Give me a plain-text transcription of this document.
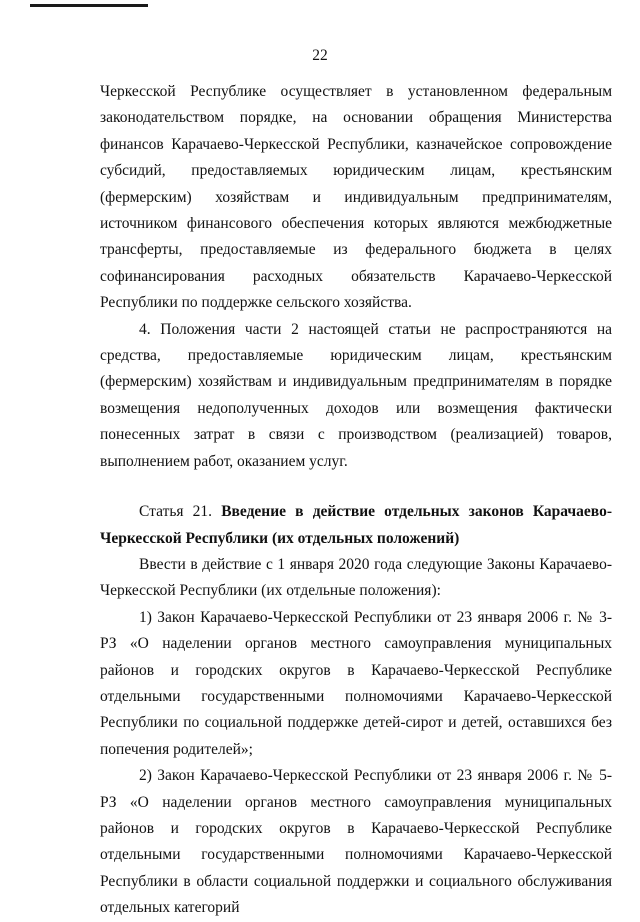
22

Черкесской Республике осуществляет в установленном федеральным законодательством порядке, на основании обращения Министерства финансов Карачаево-Черкесской Республики, казначейское сопровождение субсидий, предоставляемых юридическим лицам, крестьянским (фермерским) хозяйствам и индивидуальным предпринимателям, источником финансового обеспечения которых являются межбюджетные трансферты, предоставляемые из федерального бюджета в целях софинансирования расходных обязательств Карачаево-Черкесской Республики по поддержке сельского хозяйства.

4. Положения части 2 настоящей статьи не распространяются на средства, предоставляемые юридическим лицам, крестьянским (фермерским) хозяйствам и индивидуальным предпринимателям в порядке возмещения недополученных доходов или возмещения фактически понесенных затрат в связи с производством (реализацией) товаров, выполнением работ, оказанием услуг.

Статья 21. Введение в действие отдельных законов Карачаево-Черкесской Республики (их отдельных положений)

Ввести в действие с 1 января 2020 года следующие Законы Карачаево-Черкесской Республики (их отдельные положения):

1) Закон Карачаево-Черкесской Республики от 23 января 2006 г. № 3-РЗ «О наделении органов местного самоуправления муниципальных районов и городских округов в Карачаево-Черкесской Республике отдельными государственными полномочиями Карачаево-Черкесской Республики по социальной поддержке детей-сирот и детей, оставшихся без попечения родителей»;

2) Закон Карачаево-Черкесской Республики от 23 января 2006 г. № 5-РЗ «О наделении органов местного самоуправления муниципальных районов и городских округов в Карачаево-Черкесской Республике отдельными государственными полномочиями Карачаево-Черкесской Республики в области социальной поддержки и социального обслуживания отдельных категорий
